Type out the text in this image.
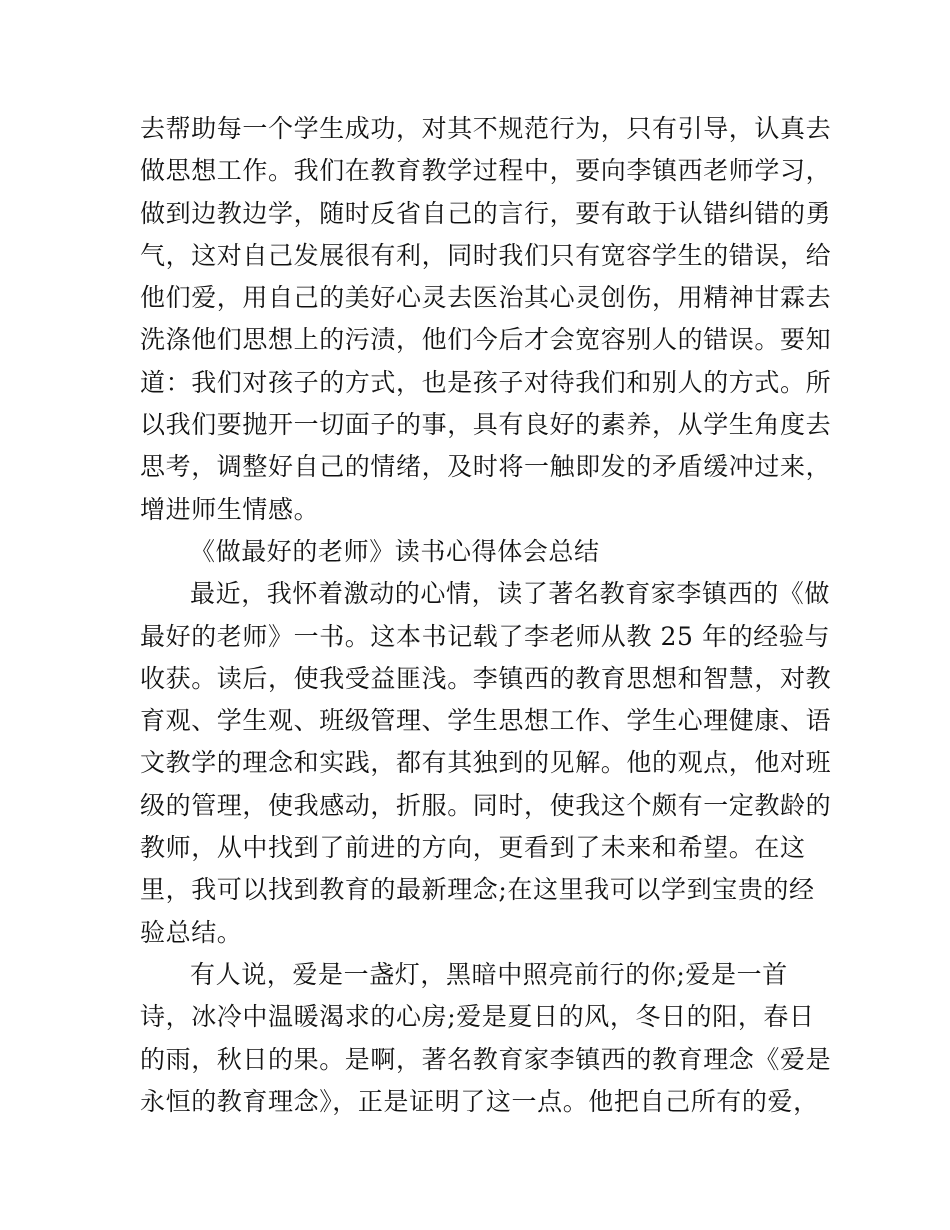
去帮助每一个学生成功，对其不规范行为，只有引导，认真去
做思想工作。我们在教育教学过程中，要向李镇西老师学习，
做到边教边学，随时反省自己的言行，要有敢于认错纠错的勇
气，这对自己发展很有利，同时我们只有宽容学生的错误，给
他们爱，用自己的美好心灵去医治其心灵创伤，用精神甘霖去
洗涤他们思想上的污渍，他们今后才会宽容别人的错误。要知
道：我们对孩子的方式，也是孩子对待我们和别人的方式。所
以我们要抛开一切面子的事，具有良好的素养，从学生角度去
思考，调整好自己的情绪，及时将一触即发的矛盾缓冲过来，
增进师生情感。
《做最好的老师》读书心得体会总结
最近，我怀着激动的心情，读了著名教育家李镇西的《做
最好的老师》一书。这本书记载了李老师从教 25 年的经验与
收获。读后，使我受益匪浅。李镇西的教育思想和智慧，对教
育观、学生观、班级管理、学生思想工作、学生心理健康、语
文教学的理念和实践，都有其独到的见解。他的观点，他对班
级的管理，使我感动，折服。同时，使我这个颇有一定教龄的
教师，从中找到了前进的方向，更看到了未来和希望。在这
里，我可以找到教育的最新理念;在这里我可以学到宝贵的经
验总结。
有人说，爱是一盏灯，黑暗中照亮前行的你;爱是一首
诗，冰冷中温暖渴求的心房;爱是夏日的风，冬日的阳，春日
的雨，秋日的果。是啊，著名教育家李镇西的教育理念《爱是
永恒的教育理念》，正是证明了这一点。他把自己所有的爱，
